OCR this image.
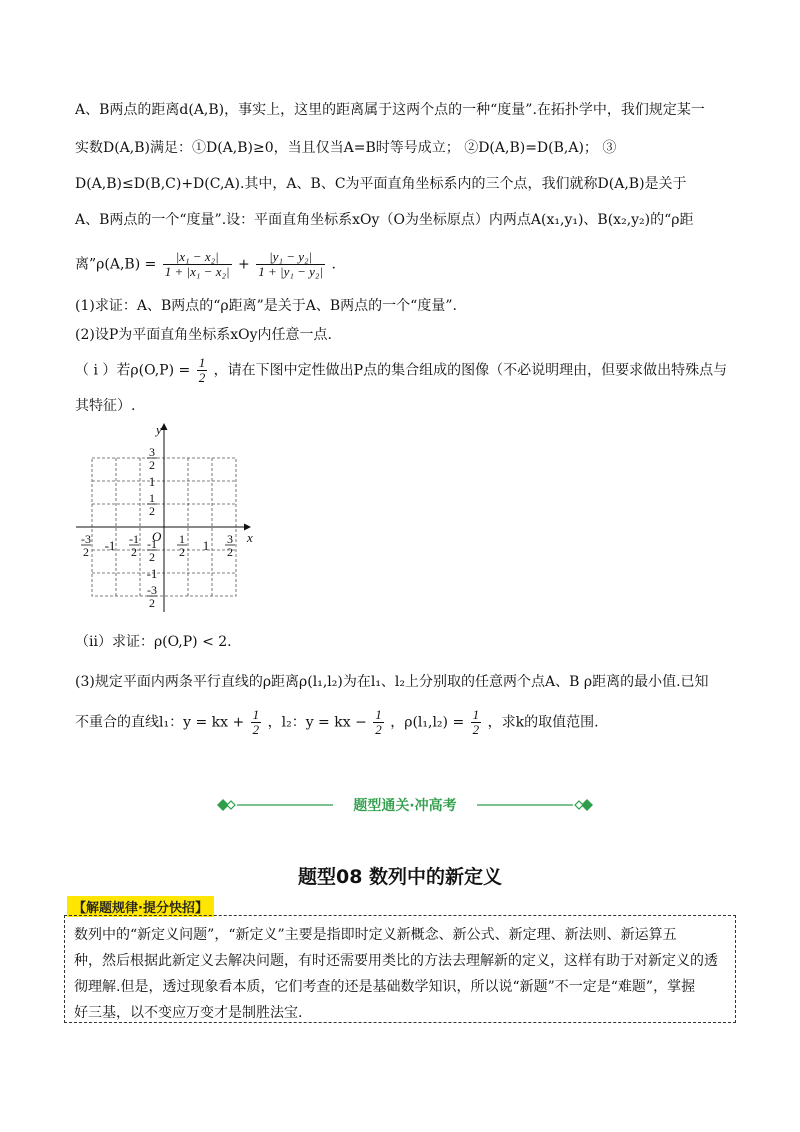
A、B两点的距离d(A,B)，事实上，这里的距离属于这两个点的一种“度量”.在拓扑学中，我们规定某一
实数D(A,B)满足：①D(A,B)≥0，当且仅当A=B时等号成立； ②D(A,B)=D(B,A)； ③
D(A,B)≤D(B,C)+D(C,A).其中，A、B、C为平面直角坐标系内的三个点，我们就称D(A,B)是关于
A、B两点的一个“度量”.设：平面直角坐标系xOy（O为坐标原点）内两点A(x₁,y₁)、B(x₂,y₂)的“ρ距
离”ρ(A,B) = $\frac{\text{|x₁ − x₂|}}{\text{1 + |x₁ − x₂|}} + \frac{\text{|y₁ − y₂|}}{\text{1 + |y₁ − y₂|}}$ .
(1)求证：A、B两点的“ρ距离”是关于A、B两点的一个“度量”.
(2)设P为平面直角坐标系xOy内任意一点.
（ i ）若$\rho(O,P) = \frac{1}{2}$ ，请在下图中定性做出P点的集合组成的图像（不必说明理由，但要求做出特殊点与
其特征）.
y
x
O
3
2
1
1
2
-1
2
-1
-3
2
-3
2 -1 -1
2
1
2 1 3
2
（ii）求证：ρ(O,P) < 2.
(3)规定平面内两条平行直线的ρ距离ρ(l₁,l₂)为在l₁、l₂上分别取的任意两个点A、B ρ距离的最小值.已知
不重合的直线l₁：y = kx + $\frac{1}{2}$ ，l₂：y = kx − $\frac{1}{2}$ ，$\rho(l_1,l_2) = \frac{1}{2}$ ，求k的取值范围.
题型通关·冲高考
题型08 数列中的新定义
【解题规律·提分快招】
数列中的“新定义问题”，“新定义”主要是指即时定义新概念、新公式、新定理、新法则、新运算五
种，然后根据此新定义去解决问题，有时还需要用类比的方法去理解新的定义，这样有助于对新定义的透
彻理解.但是，透过现象看本质，它们考查的还是基础数学知识，所以说“新题”不一定是“难题”，掌握
好三基，以不变应万变才是制胜法宝.
